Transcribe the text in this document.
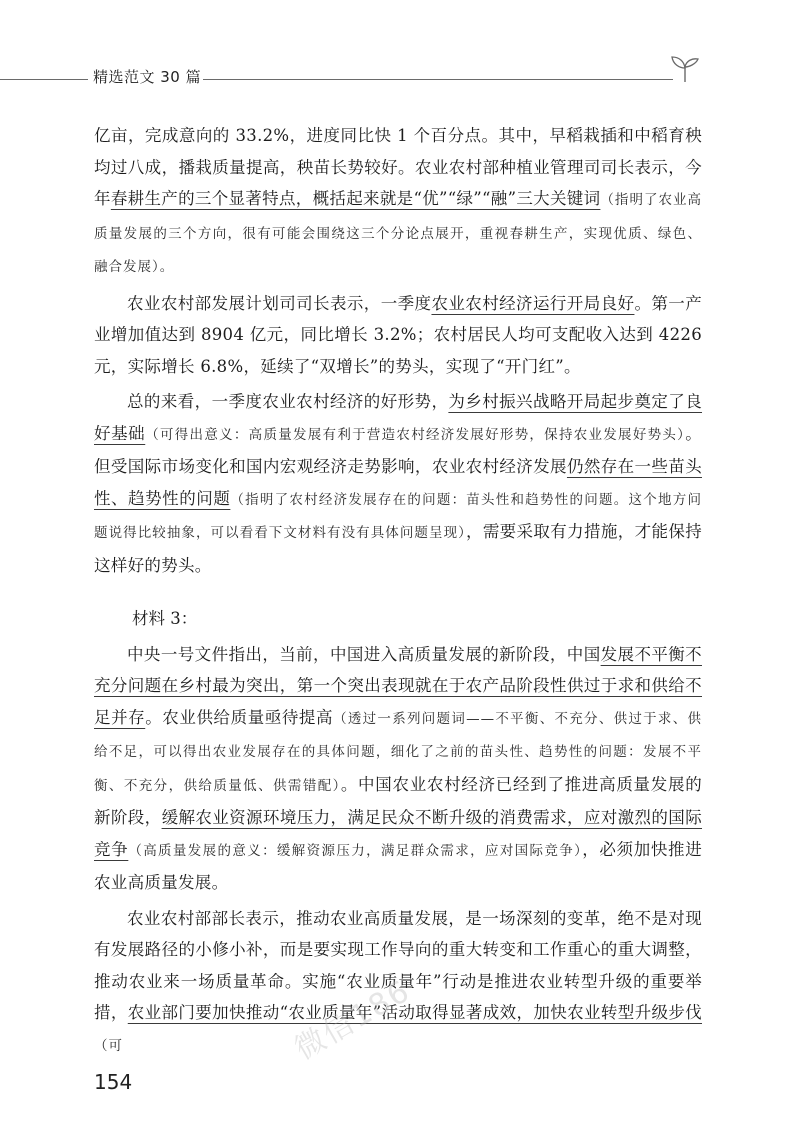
精选范文 30 篇

亿亩，完成意向的 33.2%，进度同比快 1 个百分点。其中，早稻栽插和中稻育秧均过八成，播栽质量提高，秧苗长势较好。农业农村部种植业管理司司长表示，今年春耕生产的三个显著特点，概括起来就是“优”“绿”“融”三大关键词（指明了农业高质量发展的三个方向，很有可能会围绕这三个分论点展开，重视春耕生产，实现优质、绿色、融合发展）。

农业农村部发展计划司司长表示，一季度农业农村经济运行开局良好。第一产业增加值达到 8904 亿元，同比增长 3.2%；农村居民人均可支配收入达到 4226 元，实际增长 6.8%，延续了“双增长”的势头，实现了“开门红”。

总的来看，一季度农业农村经济的好形势，为乡村振兴战略开局起步奠定了良好基础（可得出意义：高质量发展有利于营造农村经济发展好形势，保持农业发展好势头）。但受国际市场变化和国内宏观经济走势影响，农业农村经济发展仍然存在一些苗头性、趋势性的问题（指明了农村经济发展存在的问题：苗头性和趋势性的问题。这个地方问题说得比较抽象，可以看看下文材料有没有具体问题呈现），需要采取有力措施，才能保持这样好的势头。

材料 3：

中央一号文件指出，当前，中国进入高质量发展的新阶段，中国发展不平衡不充分问题在乡村最为突出，第一个突出表现就在于农产品阶段性供过于求和供给不足并存。农业供给质量亟待提高（透过一系列问题词——不平衡、不充分、供过于求、供给不足，可以得出农业发展存在的具体问题，细化了之前的苗头性、趋势性的问题：发展不平衡、不充分，供给质量低、供需错配）。中国农业农村经济已经到了推进高质量发展的新阶段，缓解农业资源环境压力，满足民众不断升级的消费需求，应对激烈的国际竞争（高质量发展的意义：缓解资源压力，满足群众需求，应对国际竞争），必须加快推进农业高质量发展。

农业农村部部长表示，推动农业高质量发展，是一场深刻的变革，绝不是对现有发展路径的小修小补，而是要实现工作导向的重大转变和工作重心的重大调整，推动农业来一场质量革命。实施“农业质量年”行动是推进农业转型升级的重要举措，农业部门要加快推动“农业质量年”活动取得显著成效，加快农业转型升级步伐（可

154
微信186
